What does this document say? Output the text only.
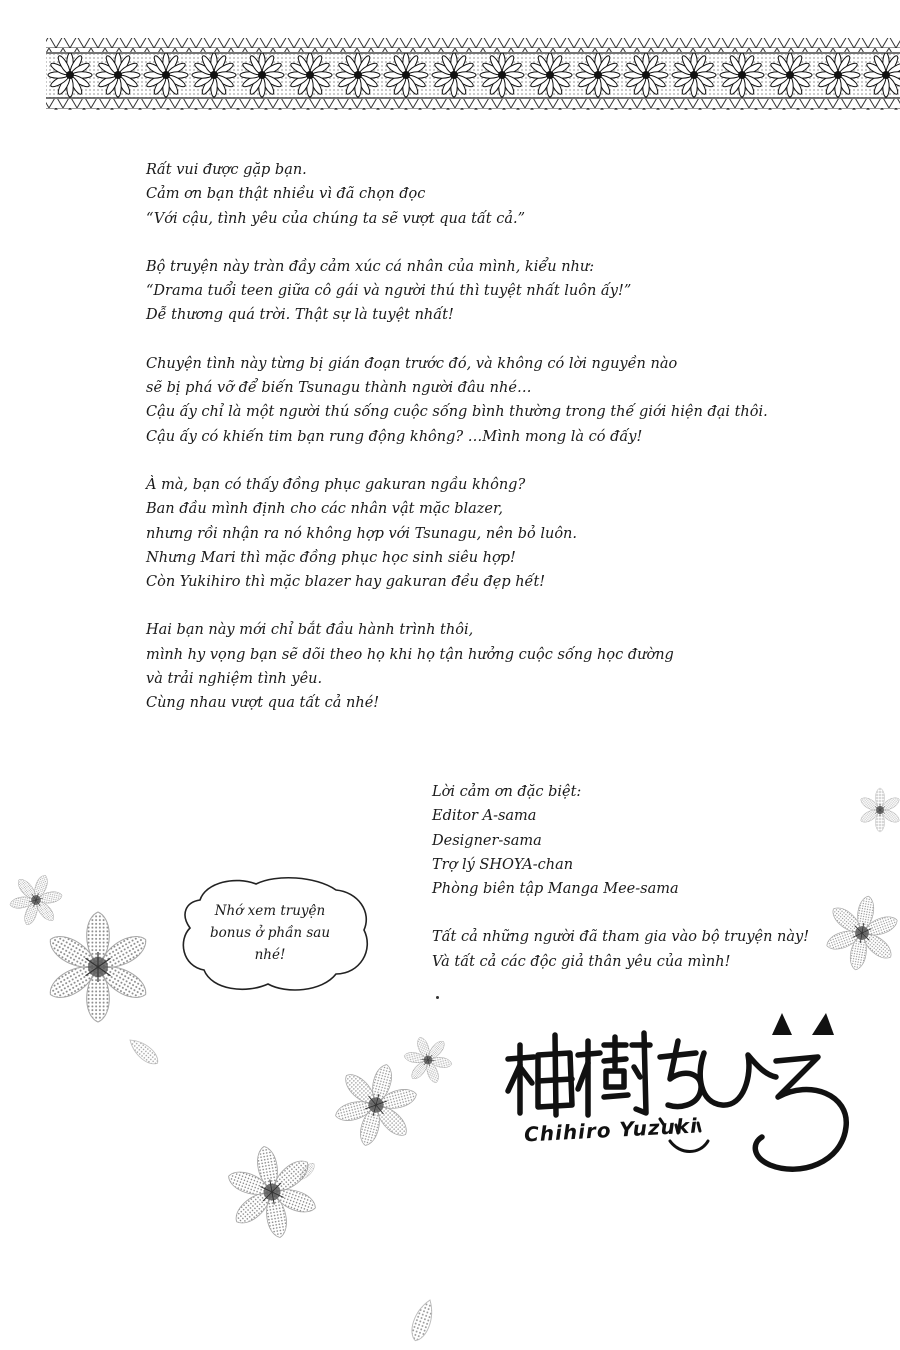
Rất vui được gặp bạn.
Cảm ơn bạn thật nhiều vì đã chọn đọc
“Với cậu, tình yêu của chúng ta sẽ vượt qua tất cả.”

Bộ truyện này tràn đầy cảm xúc cá nhân của mình, kiểu như:
“Drama tuổi teen giữa cô gái và người thú thì tuyệt nhất luôn ấy!”
Dễ thương quá trời. Thật sự là tuyệt nhất!

Chuyện tình này từng bị gián đoạn trước đó, và không có lời nguyền nào
sẽ bị phá vỡ để biến Tsunagu thành người đâu nhé…
Cậu ấy chỉ là một người thú sống cuộc sống bình thường trong thế giới hiện đại thôi.
Cậu ấy có khiến tim bạn rung động không? …Mình mong là có đấy!

À mà, bạn có thấy đồng phục gakuran ngầu không?
Ban đầu mình định cho các nhân vật mặc blazer,
nhưng rồi nhận ra nó không hợp với Tsunagu, nên bỏ luôn.
Nhưng Mari thì mặc đồng phục học sinh siêu hợp!
Còn Yukihiro thì mặc blazer hay gakuran đều đẹp hết!

Hai bạn này mới chỉ bắt đầu hành trình thôi,
mình hy vọng bạn sẽ dõi theo họ khi họ tận hưởng cuộc sống học đường
và trải nghiệm tình yêu.
Cùng nhau vượt qua tất cả nhé!

Nhớ xem truyện
bonus ở phần sau
nhé!
Lời cảm ơn đặc biệt:
Editor A-sama
Designer-sama
Trợ lý SHOYA-chan
Phòng biên tập Manga Mee-sama
Tất cả những người đã tham gia vào bộ truyện này!
Và tất cả các độc giả thân yêu của mình!
Chihiro Yuzuki
